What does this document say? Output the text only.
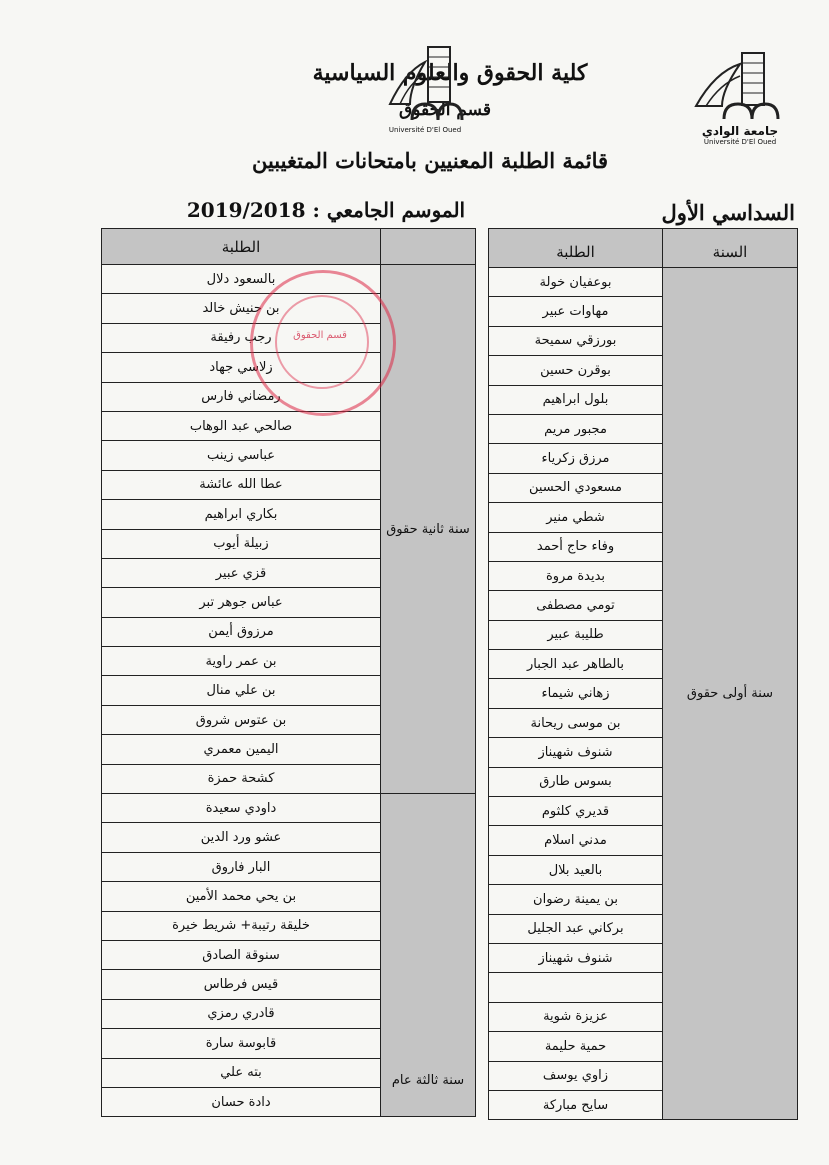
كلية الحقوق والعلوم السياسية
قسم الحقوق
Université D'El Oued	جامعة الوادي
Université D'El Oued
قائمة الطلبة المعنيين بامتحانات المتغيبين
السداسي الأول
2019/2018 الموسم الجامعي :
الطلبة	السنة
بوعفيان خولة	سنة أولى حقوق
مهاوات عبير	
بورزقي سميحة	
بوقرن حسين	
بلول ابراهيم	
مجبور مريم	
مرزق زكرياء	
مسعودي الحسين	
شطي منير	
وفاء حاج أحمد	
بديدة مروة	
تومي مصطفى	
طليبة عبير	
بالطاهر عبد الجبار	
زهاني شيماء	
بن موسى ريحانة	
شنوف شهيناز	
بسوس طارق	
قديري كلثوم	
مدني اسلام	
بالعيد بلال	
بن يمينة رضوان	
بركاني عبد الجليل	
شنوف شهيناز	

عزيزة شوية	
حمية حليمة	
زاوي يوسف	
سايح مباركة	
الطلبة	
بالسعود دلال	سنة ثانية حقوق
بن حنيش خالد	
رجب رفيقة	
زلاسي جهاد	
رمضاني فارس	
صالحي عبد الوهاب	
عباسي زينب	
عطا الله عائشة	
بكاري ابراهيم	
زبيلة أيوب	
قزي عبير	
عباس جوهر تبر	
مرزوق أيمن	
بن عمر راوية	
بن علي منال	
بن عتوس شروق	
اليمين معمري	
كشحة حمزة	
داودي سعيدة	سنة ثالثة عام
عشو ورد الدين	
البار فاروق	
بن يحي محمد الأمين	
خليقة رتيبة+ شريط خيرة	
سنوقة الصادق	
قيس فرطاس	
قادري رمزي	
قابوسة سارة	
بته علي	
دادة حسان	
قسم الحقوق
